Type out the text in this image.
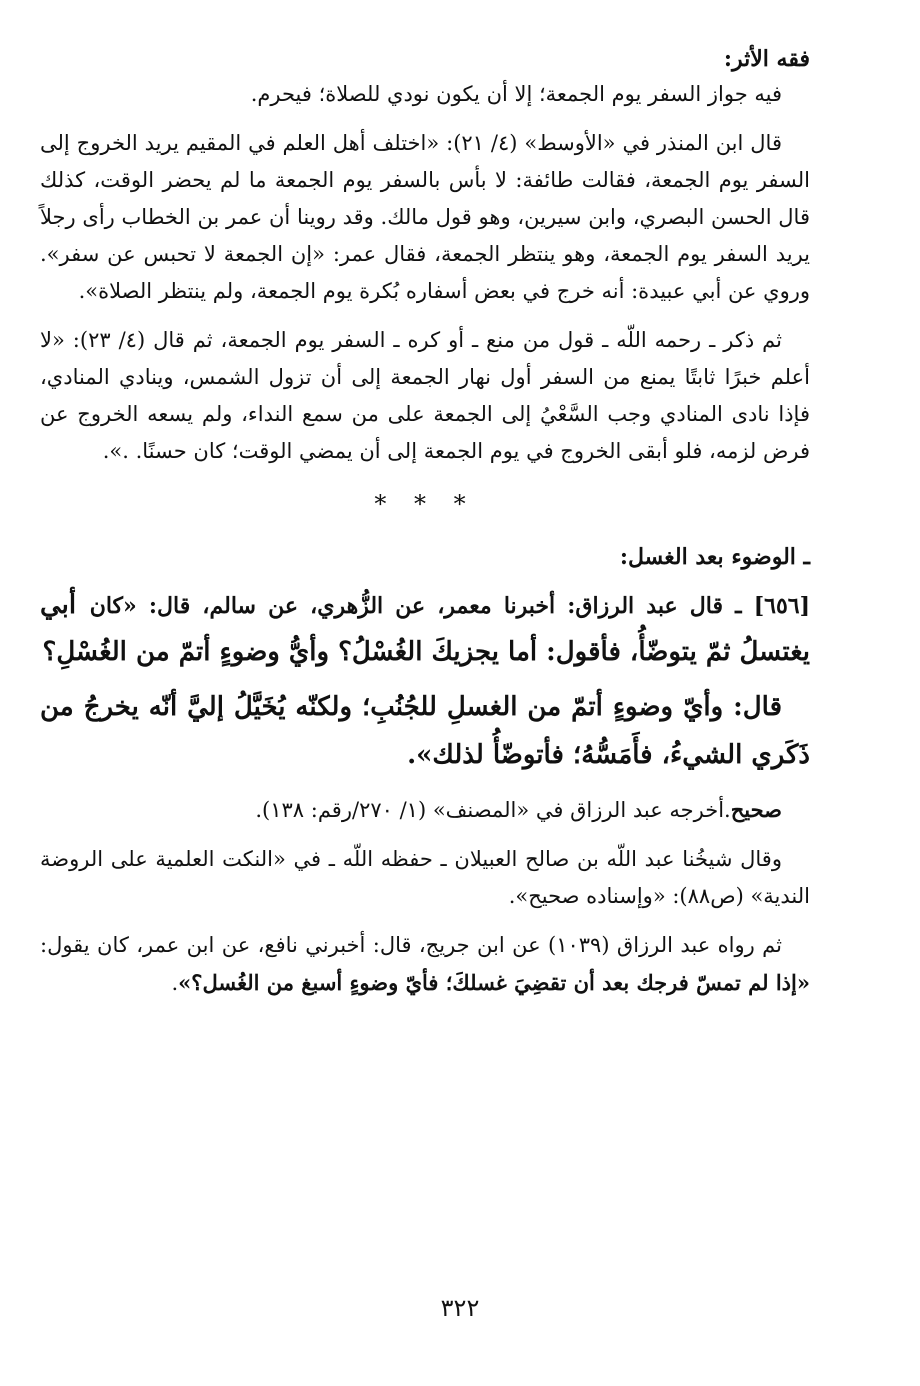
فقه الأثر:

فيه جواز السفر يوم الجمعة؛ إلا أن يكون نودي للصلاة؛ فيحرم.

قال ابن المنذر في «الأوسط» (٤/ ٢١): «اختلف أهل العلم في المقيم يريد الخروج إلى السفر يوم الجمعة، فقالت طائفة: لا بأس بالسفر يوم الجمعة ما لم يحضر الوقت، كذلك قال الحسن البصري، وابن سيرين، وهو قول مالك. وقد روينا أن عمر بن الخطاب رأى رجلاً يريد السفر يوم الجمعة، وهو ينتظر الجمعة، فقال عمر: «إن الجمعة لا تحبس عن سفر». وروي عن أبي عبيدة: أنه خرج في بعض أسفاره بُكرة يوم الجمعة، ولم ينتظر الصلاة».

ثم ذكر ـ رحمه اللّه ـ قول من منع ـ أو كره ـ السفر يوم الجمعة، ثم قال (٤/ ٢٣): «لا أعلم خبرًا ثابتًا يمنع من السفر أول نهار الجمعة إلى أن تزول الشمس، وينادي المنادي، فإذا نادى المنادي وجب السَّعْيُ إلى الجمعة على من سمع النداء، ولم يسعه الخروج عن فرض لزمه، فلو أبقى الخروج في يوم الجمعة إلى أن يمضي الوقت؛ كان حسنًا. .».

* * *

ـ الوضوء بعد الغسل:

[٦٥٦] ـ قال عبد الرزاق: أخبرنا معمر، عن الزُّهري، عن سالم، قال: «كان أبي يغتسلُ ثمّ يتوضّأُ، فأقول: أما يجزيكَ الغُسْلُ؟ وأيُّ وضوءٍ أتمّ من الغُسْلِ؟

قال: وأيّ وضوءٍ أتمّ من الغسلِ للجُنُبِ؛ ولكنّه يُخَيَّلُ إليَّ أنّه يخرجُ من ذَكَري الشيءُ، فأَمَسُّهُ؛ فأتوضّأُ لذلك».

صحيح.أخرجه عبد الرزاق في «المصنف» (١/ ٢٧٠/رقم: ١٣٨).

وقال شيخُنا عبد اللّه بن صالح العبيلان ـ حفظه اللّه ـ في «النكت العلمية على الروضة الندية» (ص٨٨): «وإسناده صحيح».

ثم رواه عبد الرزاق (١٠٣٩) عن ابن جريج، قال: أخبرني نافع، عن ابن عمر، كان يقول: «إذا لم تمسّ فرجك بعد أن تقضِيَ غسلكَ؛ فأيّ وضوءٍ أسبغ من الغُسل؟».

٣٢٢
